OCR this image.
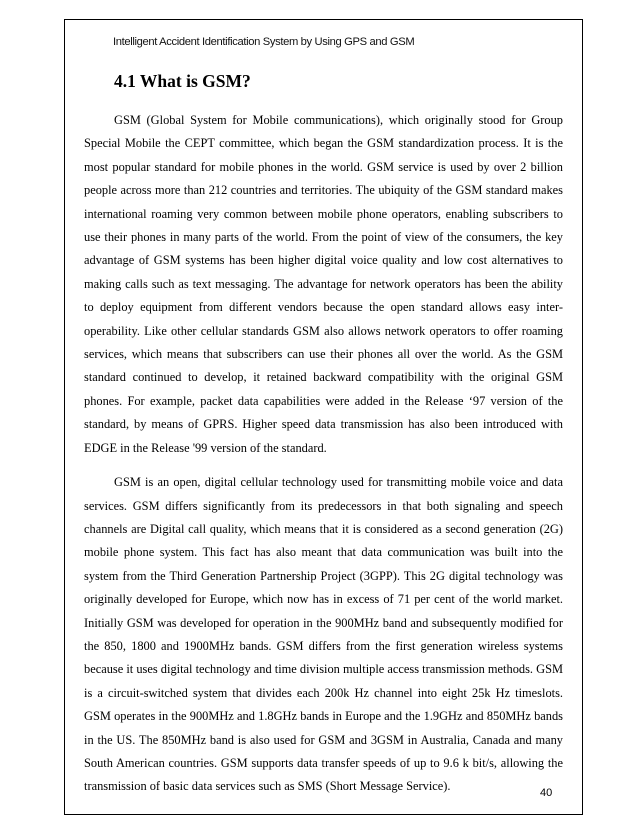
Intelligent Accident Identification System by Using GPS and GSM
4.1 What is GSM?

GSM (Global System for Mobile communications), which originally stood for Group Special Mobile the CEPT committee, which began the GSM standardization process. It is the most popular standard for mobile phones in the world. GSM service is used by over 2 billion people across more than 212 countries and territories. The ubiquity of the GSM standard makes international roaming very common between mobile phone operators, enabling subscribers to use their phones in many parts of the world. From the point of view of the consumers, the key advantage of GSM systems has been higher digital voice quality and low cost alternatives to making calls such as text messaging. The advantage for network operators has been the ability to deploy equipment from different vendors because the open standard allows easy inter-operability. Like other cellular standards GSM also allows network operators to offer roaming services, which means that subscribers can use their phones all over the world. As the GSM standard continued to develop, it retained backward compatibility with the original GSM phones. For example, packet data capabilities were added in the Release ‘97 version of the standard, by means of GPRS. Higher speed data transmission has also been introduced with EDGE in the Release '99 version of the standard.

GSM is an open, digital cellular technology used for transmitting mobile voice and data services. GSM differs significantly from its predecessors in that both signaling and speech channels are Digital call quality, which means that it is considered as a second generation (2G) mobile phone system. This fact has also meant that data communication was built into the system from the Third Generation Partnership Project (3GPP). This 2G digital technology was originally developed for Europe, which now has in excess of 71 per cent of the world market. Initially GSM was developed for operation in the 900MHz band and subsequently modified for the 850, 1800 and 1900MHz bands. GSM differs from the first generation wireless systems because it uses digital technology and time division multiple access transmission methods. GSM is a circuit-switched system that divides each 200k Hz channel into eight 25k Hz timeslots. GSM operates in the 900MHz and 1.8GHz bands in Europe and the 1.9GHz and 850MHz bands in the US. The 850MHz band is also used for GSM and 3GSM in Australia, Canada and many South American countries. GSM supports data transfer speeds of up to 9.6 k bit/s, allowing the transmission of basic data services such as SMS (Short Message Service).	40
